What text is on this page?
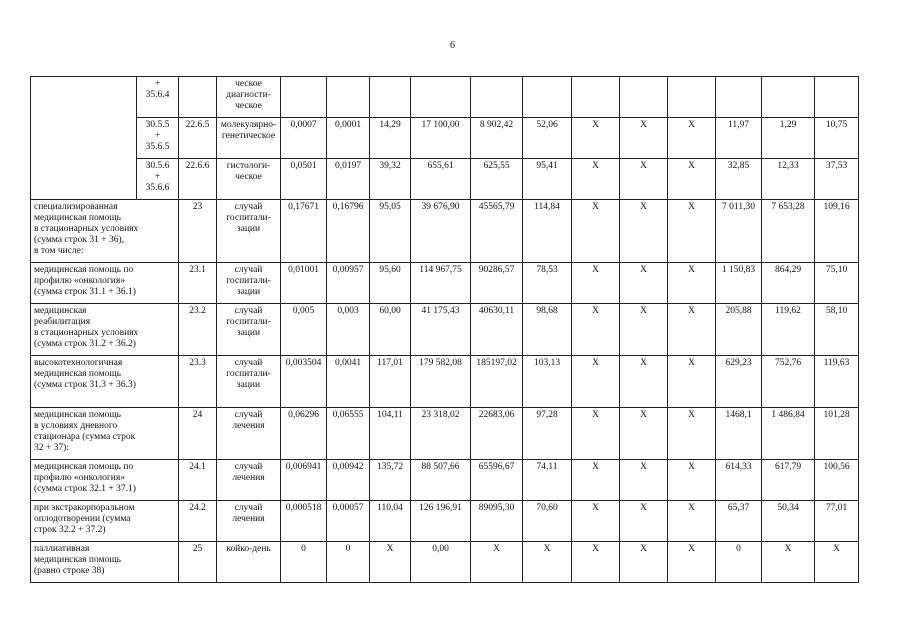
6
	+
35.6.4		ческое
диагности-
ческое												
	30.5.5
+
35.6.5	22.6.5	молекулярно-
генетическое	0,0007	0,0001	14,29	17 100,00	8 902,42	52,06	X	X	X	11,97	1,29	10,75
	30.5.6
+
35.6.6	22.6.6	гистологи-
ческое	0,0501	0,0197	39,32	655,61	625,55	95,41	X	X	X	32,85	12,33	37,53
специализированная
медицинская помощь
в стационарных условиях
(сумма строк 31 + 36),
в том числе:		23	случай
госпитали-
зации	0,17671	0,16796	95,05	39 676,90	45565,79	114,84	X	X	X	7 011,30	7 653,28	109,16
медицинская помощь по
профилю «онкология»
(сумма строк 31.1 + 36.1)		23.1	случай
госпитали-
зации	0,01001	0,00957	95,60	114 967,75	90286,57	78,53	X	X	X	1 150,83	864,29	75,10
медицинская
реабилитация
в стационарных условиях
(сумма строк 31.2 + 36.2)		23.2	случай
госпитали-
зации	0,005	0,003	60,00	41 175,43	40630,11	98,68	X	X	X	205,88	119,62	58,10
высокотехнологичная
медицинская помощь
(сумма строк 31.3 + 36.3)		23.3	случай
госпитали-
зации	0,003504	0,0041	117,01	179 582,08	185197,02	103,13	X	X	X	629,23	752,76	119,63
медицинская помощь
в условиях дневного
стационара (сумма строк
32 + 37):		24	случай
лечения	0,06296	0,06555	104,11	23 318,02	22683,06	97,28	X	X	X	1468,1	1 486,84	101,28
медицинская помощь по
профилю «онкология»
(сумма строк 32.1 + 37.1)		24.1	случай
лечения	0,006941	0,00942	135,72	88 507,66	65596,67	74,11	X	X	X	614,33	617,79	100,56
при экстракорпоральном
оплодотворении (сумма
строк 32.2 + 37.2)		24.2	случай
лечения	0,000518	0,00057	110,04	126 196,91	89095,30	70,60	X	X	X	65,37	50,34	77,01
паллиативная
медицинская помощь
(равно строке 38)		25	койко-день	0	0	X	0,00	X	X	X	X	X	0	X	X
